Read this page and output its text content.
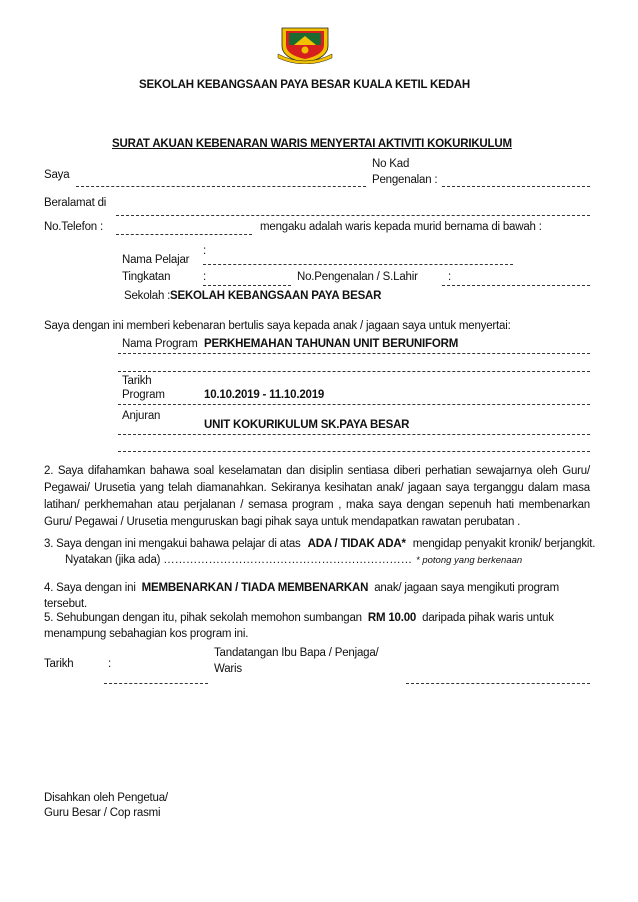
SEKOLAH KEBANGSAAN PAYA BESAR KUALA KETIL KEDAH
SURAT AKUAN KEBENARAN WARIS MENYERTAI AKTIVITI KOKURIKULUM
Saya
No Kad
Pengenalan :
Beralamat di
No.Telefon :	mengaku adalah waris kepada murid bernama di bawah :
Nama Pelajar
:
Tingkatan	:	No.Pengenalan / S.Lahir	:
Sekolah : SEKOLAH KEBANGSAAN PAYA BESAR
Saya dengan ini memberi kebenaran bertulis saya kepada anak / jagaan saya untuk menyertai:
Nama Program PERKHEMAHAN TAHUNAN UNIT BERUNIFORM
Tarikh
Program	10.10.2019 - 11.10.2019
Anjuran
UNIT KOKURIKULUM SK.PAYA BESAR
2. Saya difahamkan bahawa soal keselamatan dan disiplin sentiasa diberi perhatian sewajarnya oleh Guru/ Pegawai/ Urusetia yang telah diamanahkan. Sekiranya kesihatan anak/ jagaan saya terganggu dalam masa latihan/ perkhemahan atau perjalanan / semasa program , maka saya dengan sepenuh hati membenarkan Guru/ Pegawai / Urusetia menguruskan bagi pihak saya untuk mendapatkan rawatan perubatan .
3. Saya dengan ini mengakui bahawa pelajar di atas ADA / TIDAK ADA* mengidap penyakit kronik/ berjangkit.
Nyatakan (jika ada) ………………………………………………………… * potong yang berkenaan
4. Saya dengan ini MEMBENARKAN / TIADA MEMBENARKAN anak/ jagaan saya mengikuti program
tersebut.
5. Sehubungan dengan itu, pihak sekolah memohon sumbangan RM 10.00 daripada pihak waris untuk
menampung sebahagian kos program ini.
Tarikh	:
Tandatangan Ibu Bapa / Penjaga/
Waris
Disahkan oleh Pengetua/
Guru Besar / Cop rasmi
